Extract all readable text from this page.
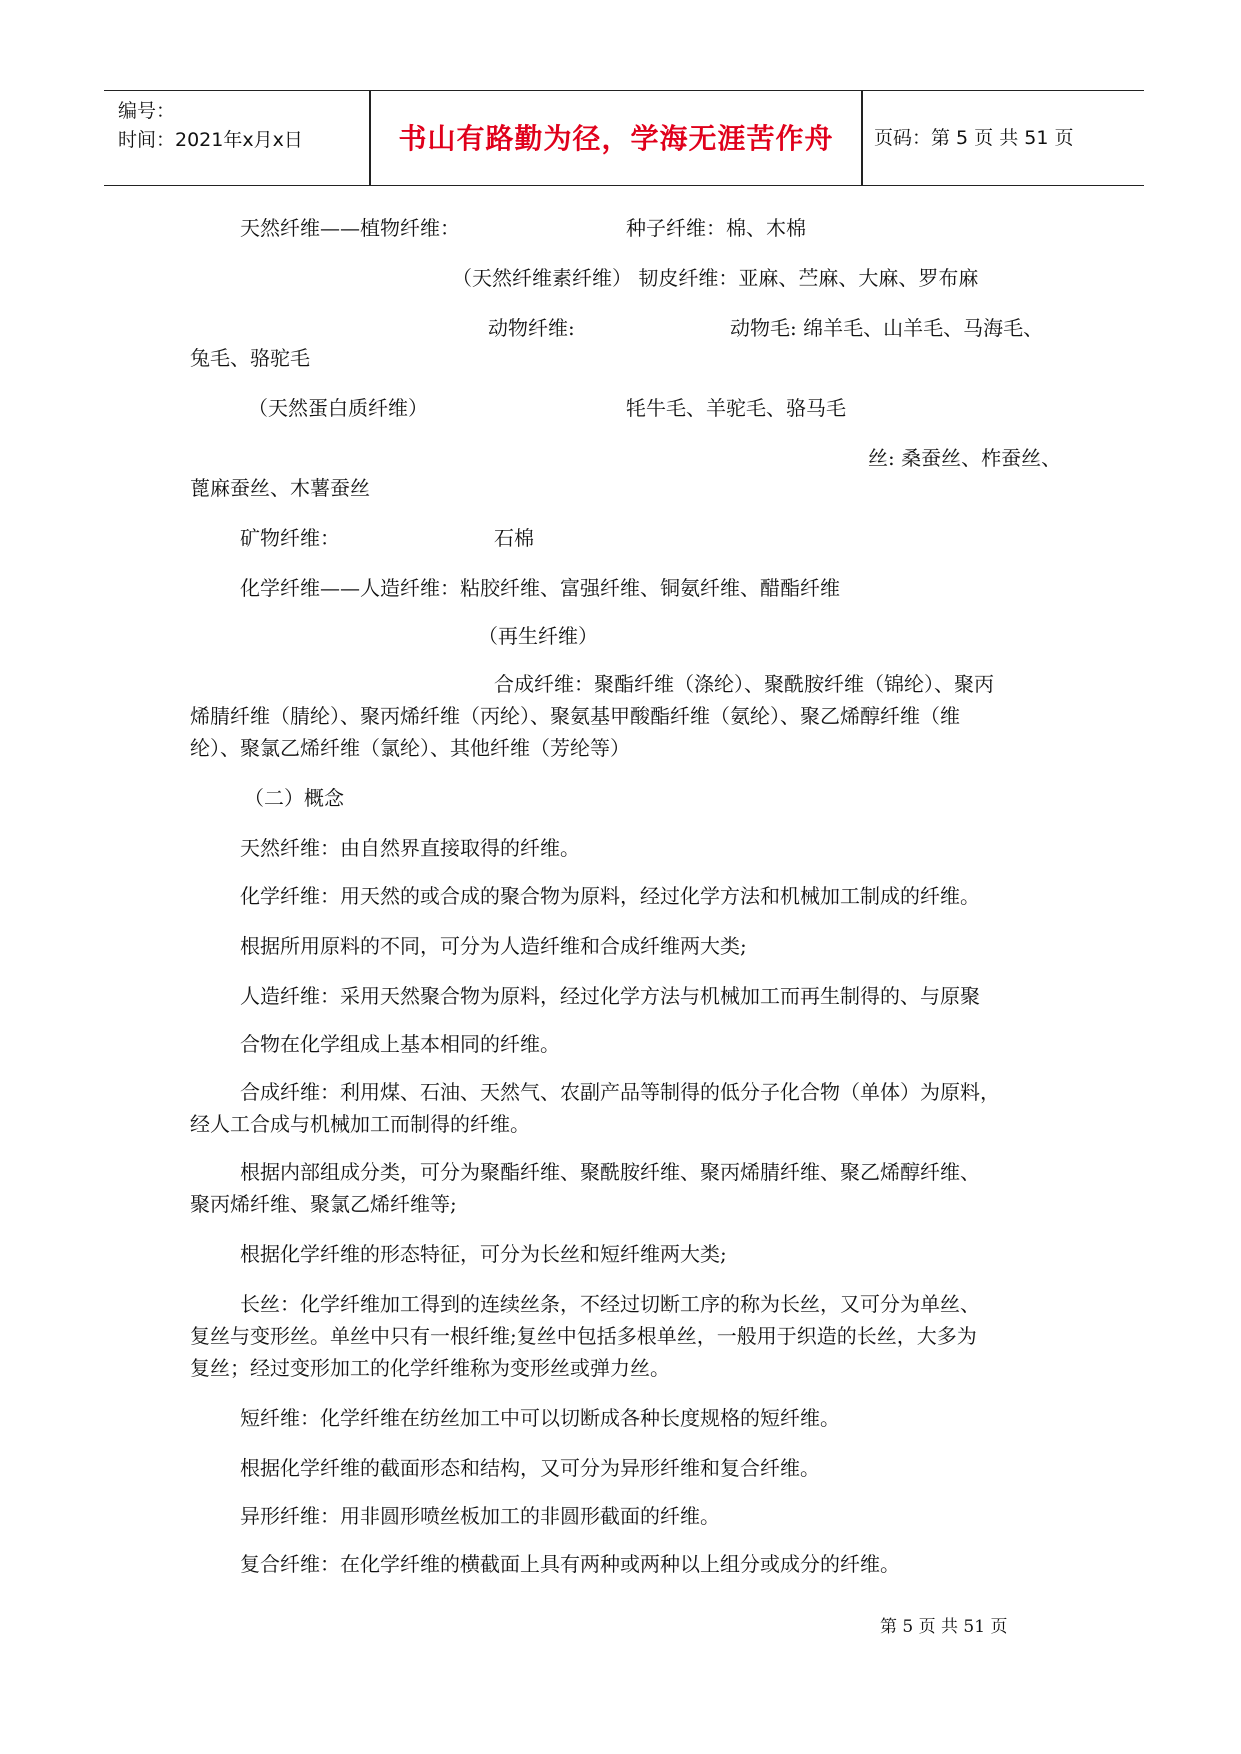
编号：
时间：2021年x月x日	书山有路勤为径，学海无涯苦作舟	页码：第 5 页 共 51 页
天然纤维——植物纤维：	种子纤维：棉、木棉
（天然纤维素纤维） 韧皮纤维：亚麻、苎麻、大麻、罗布麻
动物纤维:	动物毛: 绵羊毛、山羊毛、马海毛、
兔毛、骆驼毛
（天然蛋白质纤维）	牦牛毛、羊驼毛、骆马毛
丝: 桑蚕丝、柞蚕丝、
蓖麻蚕丝、木薯蚕丝
矿物纤维：	石棉
化学纤维——人造纤维：粘胶纤维、富强纤维、铜氨纤维、醋酯纤维
（再生纤维）
合成纤维：聚酯纤维（涤纶）、聚酰胺纤维（锦纶）、聚丙
烯腈纤维（腈纶）、聚丙烯纤维（丙纶）、聚氨基甲酸酯纤维（氨纶）、聚乙烯醇纤维（维
纶）、聚氯乙烯纤维（氯纶）、其他纤维（芳纶等）
（二）概念
天然纤维：由自然界直接取得的纤维。
化学纤维：用天然的或合成的聚合物为原料，经过化学方法和机械加工制成的纤维。
根据所用原料的不同，可分为人造纤维和合成纤维两大类;
人造纤维：采用天然聚合物为原料，经过化学方法与机械加工而再生制得的、与原聚
合物在化学组成上基本相同的纤维。
合成纤维：利用煤、石油、天然气、农副产品等制得的低分子化合物（单体）为原料，
经人工合成与机械加工而制得的纤维。
根据内部组成分类，可分为聚酯纤维、聚酰胺纤维、聚丙烯腈纤维、聚乙烯醇纤维、
聚丙烯纤维、聚氯乙烯纤维等;
根据化学纤维的形态特征，可分为长丝和短纤维两大类;
长丝：化学纤维加工得到的连续丝条，不经过切断工序的称为长丝，又可分为单丝、
复丝与变形丝。单丝中只有一根纤维;复丝中包括多根单丝，一般用于织造的长丝，大多为
复丝；经过变形加工的化学纤维称为变形丝或弹力丝。
短纤维：化学纤维在纺丝加工中可以切断成各种长度规格的短纤维。
根据化学纤维的截面形态和结构，又可分为异形纤维和复合纤维。
异形纤维：用非圆形喷丝板加工的非圆形截面的纤维。
复合纤维：在化学纤维的横截面上具有两种或两种以上组分或成分的纤维。
第 5 页 共 51 页
